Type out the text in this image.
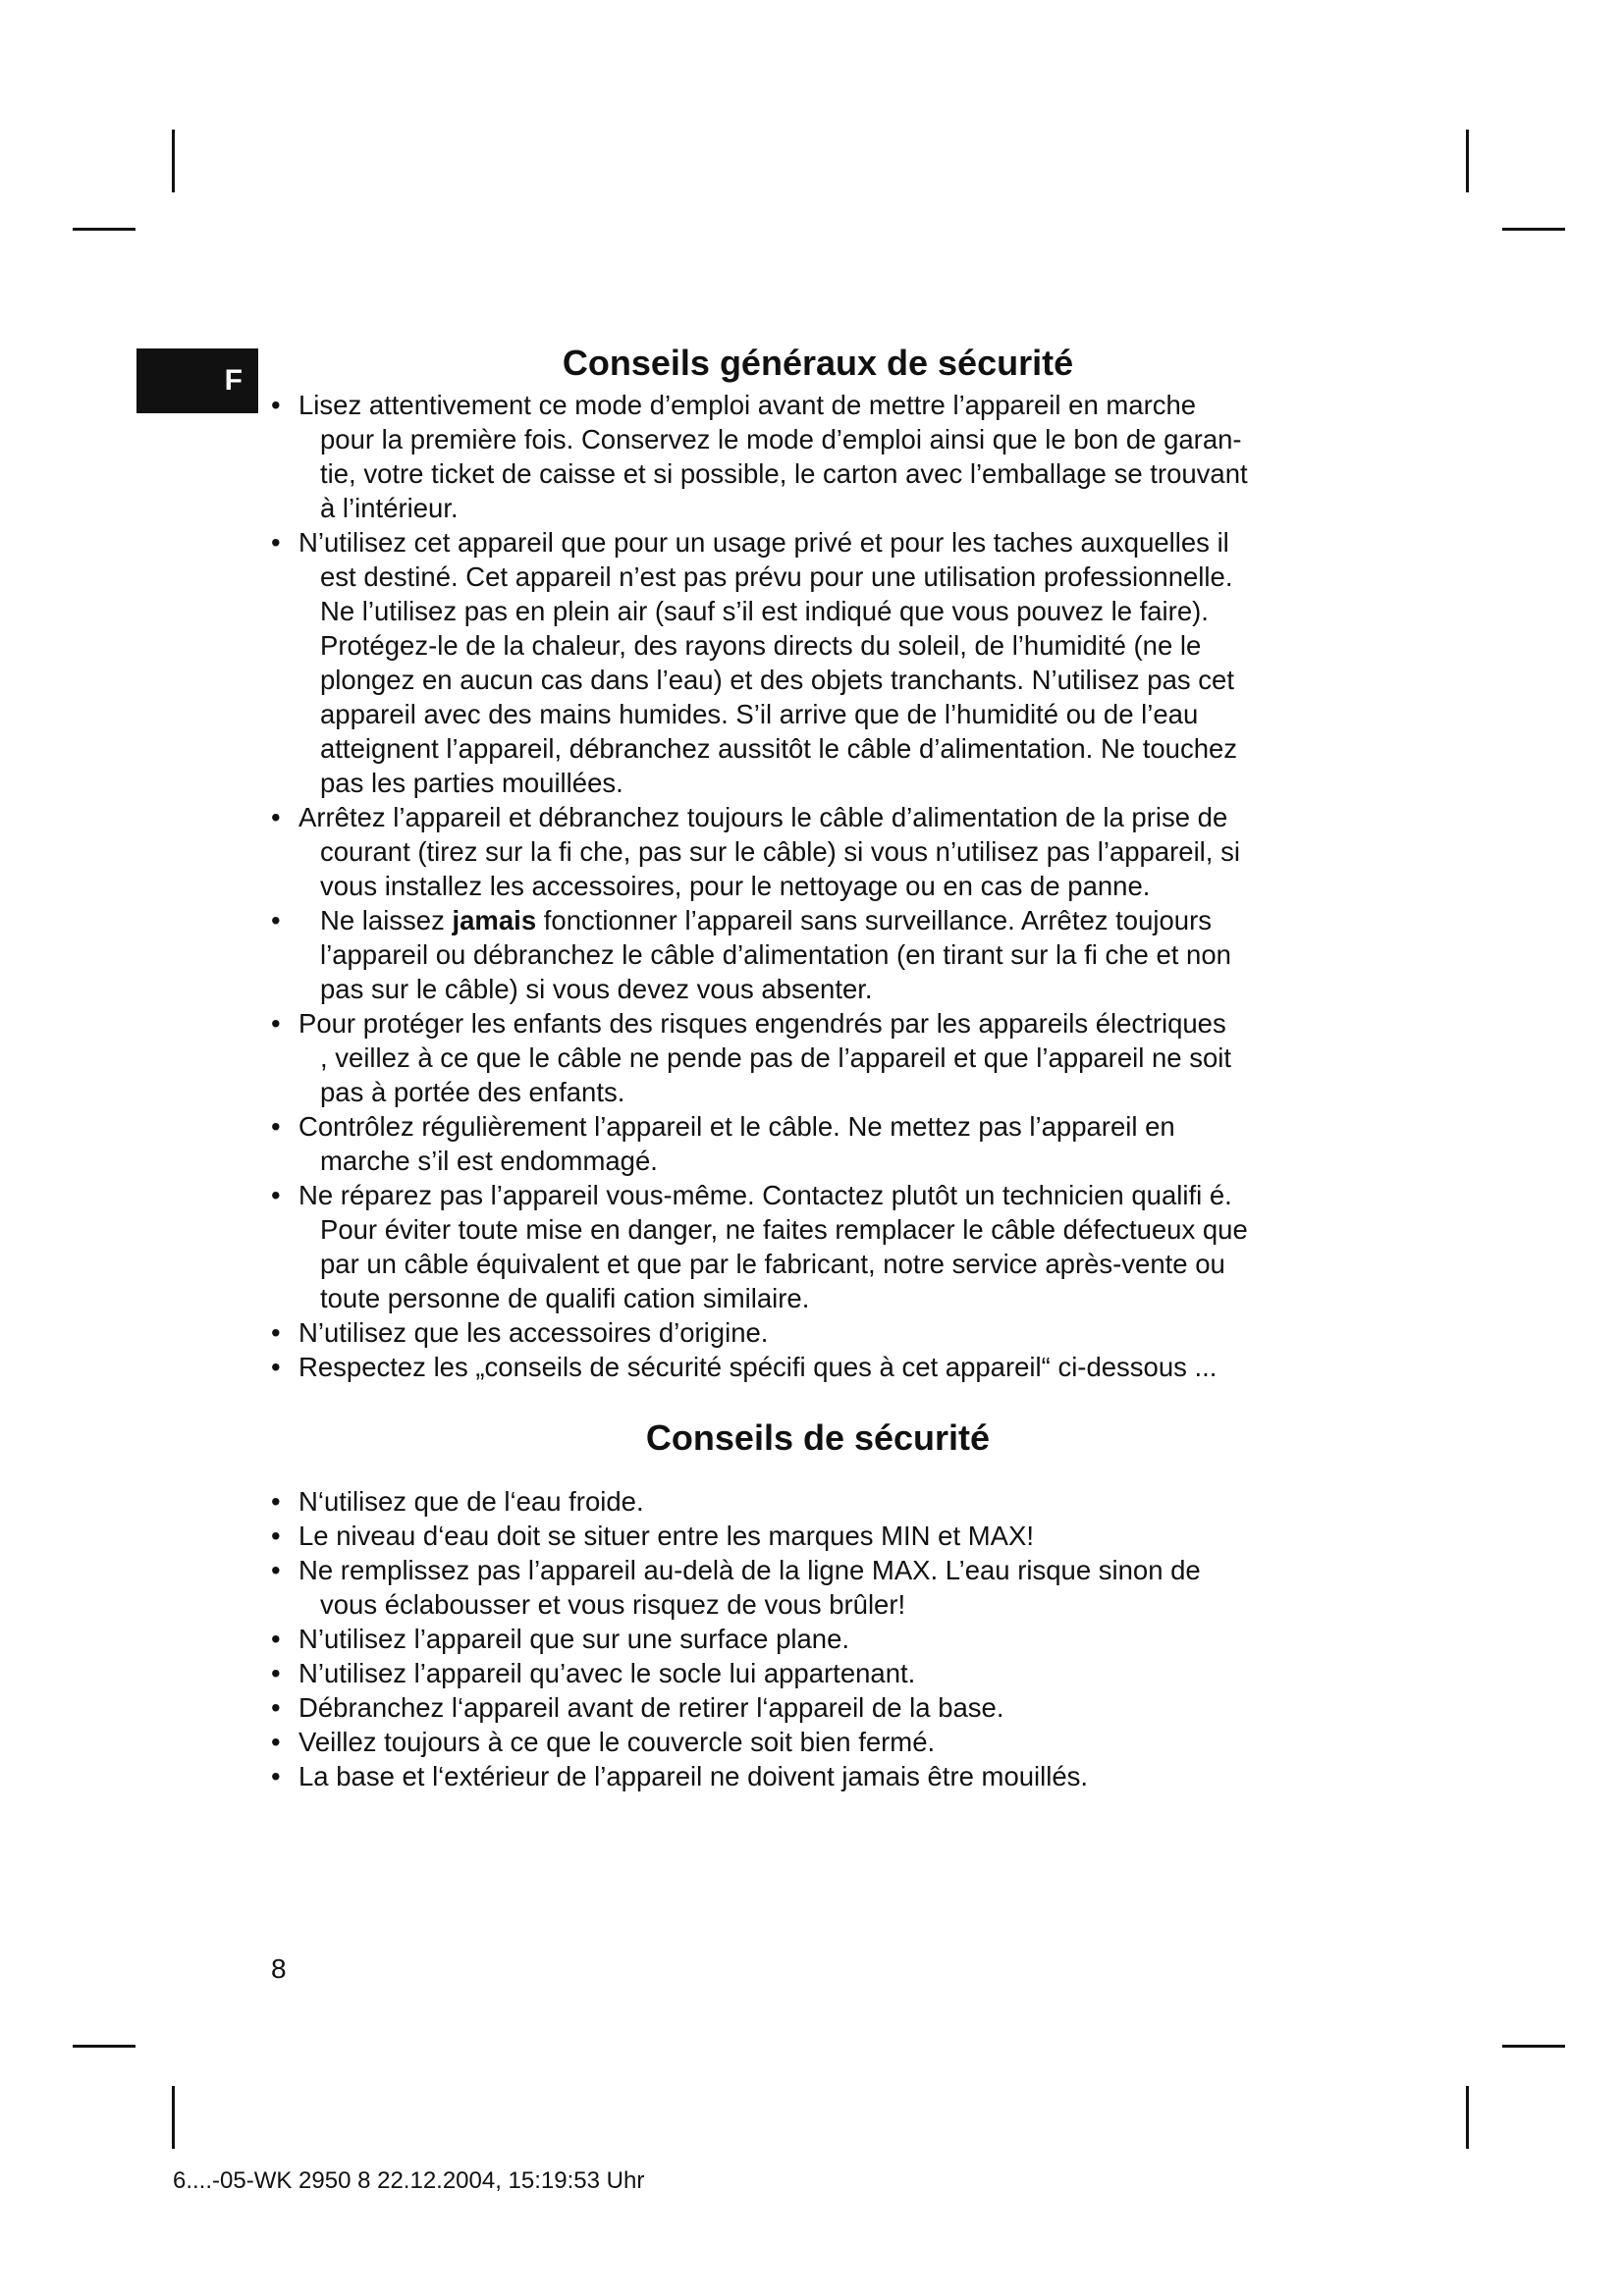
F	Conseils généraux de sécurité
• Lisez attentivement ce mode d’emploi avant de mettre l’appareil en marche
pour la première fois. Conservez le mode d’emploi ainsi que le bon de garan-
tie, votre ticket de caisse et si possible, le carton avec l’emballage se trouvant
à l’intérieur.
• N’utilisez cet appareil que pour un usage privé et pour les taches auxquelles il
est destiné. Cet appareil n’est pas prévu pour une utilisation professionnelle.
Ne l’utilisez pas en plein air (sauf s’il est indiqué que vous pouvez le faire).
Protégez-le de la chaleur, des rayons directs du soleil, de l’humidité (ne le
plongez en aucun cas dans l’eau) et des objets tranchants. N’utilisez pas cet
appareil avec des mains humides. S’il arrive que de l’humidité ou de l’eau
atteignent l’appareil, débranchez aussitôt le câble d’alimentation. Ne touchez
pas les parties mouillées.
• Arrêtez l’appareil et débranchez toujours le câble d’alimentation de la prise de
courant (tirez sur la fi che, pas sur le câble) si vous n’utilisez pas l’appareil, si
vous installez les accessoires, pour le nettoyage ou en cas de panne.
•	Ne laissez jamais fonctionner l’appareil sans surveillance. Arrêtez toujours
l’appareil ou débranchez le câble d’alimentation (en tirant sur la fi che et non
pas sur le câble) si vous devez vous absenter.
• Pour protéger les enfants des risques engendrés par les appareils électriques
, veillez à ce que le câble ne pende pas de l’appareil et que l’appareil ne soit
pas à portée des enfants.
• Contrôlez régulièrement l’appareil et le câble. Ne mettez pas l’appareil en
marche s’il est endommagé.
• Ne réparez pas l’appareil vous-même. Contactez plutôt un technicien qualifi é.
Pour éviter toute mise en danger, ne faites remplacer le câble défectueux que
par un câble équivalent et que par le fabricant, notre service après-vente ou
toute personne de qualifi cation similaire.
• N’utilisez que les accessoires d’origine.
• Respectez les „conseils de sécurité spécifi ques à cet appareil“ ci-dessous ...
Conseils de sécurité
• N‘utilisez que de l‘eau froide.
• Le niveau d‘eau doit se situer entre les marques MIN et MAX!
• Ne remplissez pas l’appareil au-delà de la ligne MAX. L’eau risque sinon de
vous éclabousser et vous risquez de vous brûler!
• N’utilisez l’appareil que sur une surface plane.
• N’utilisez l’appareil qu’avec le socle lui appartenant.
• Débranchez l‘appareil avant de retirer l‘appareil de la base.
• Veillez toujours à ce que le couvercle soit bien fermé.
• La base et l‘extérieur de l’appareil ne doivent jamais être mouillés.
8
6....-05-WK 2950 8 22.12.2004, 15:19:53 Uhr
